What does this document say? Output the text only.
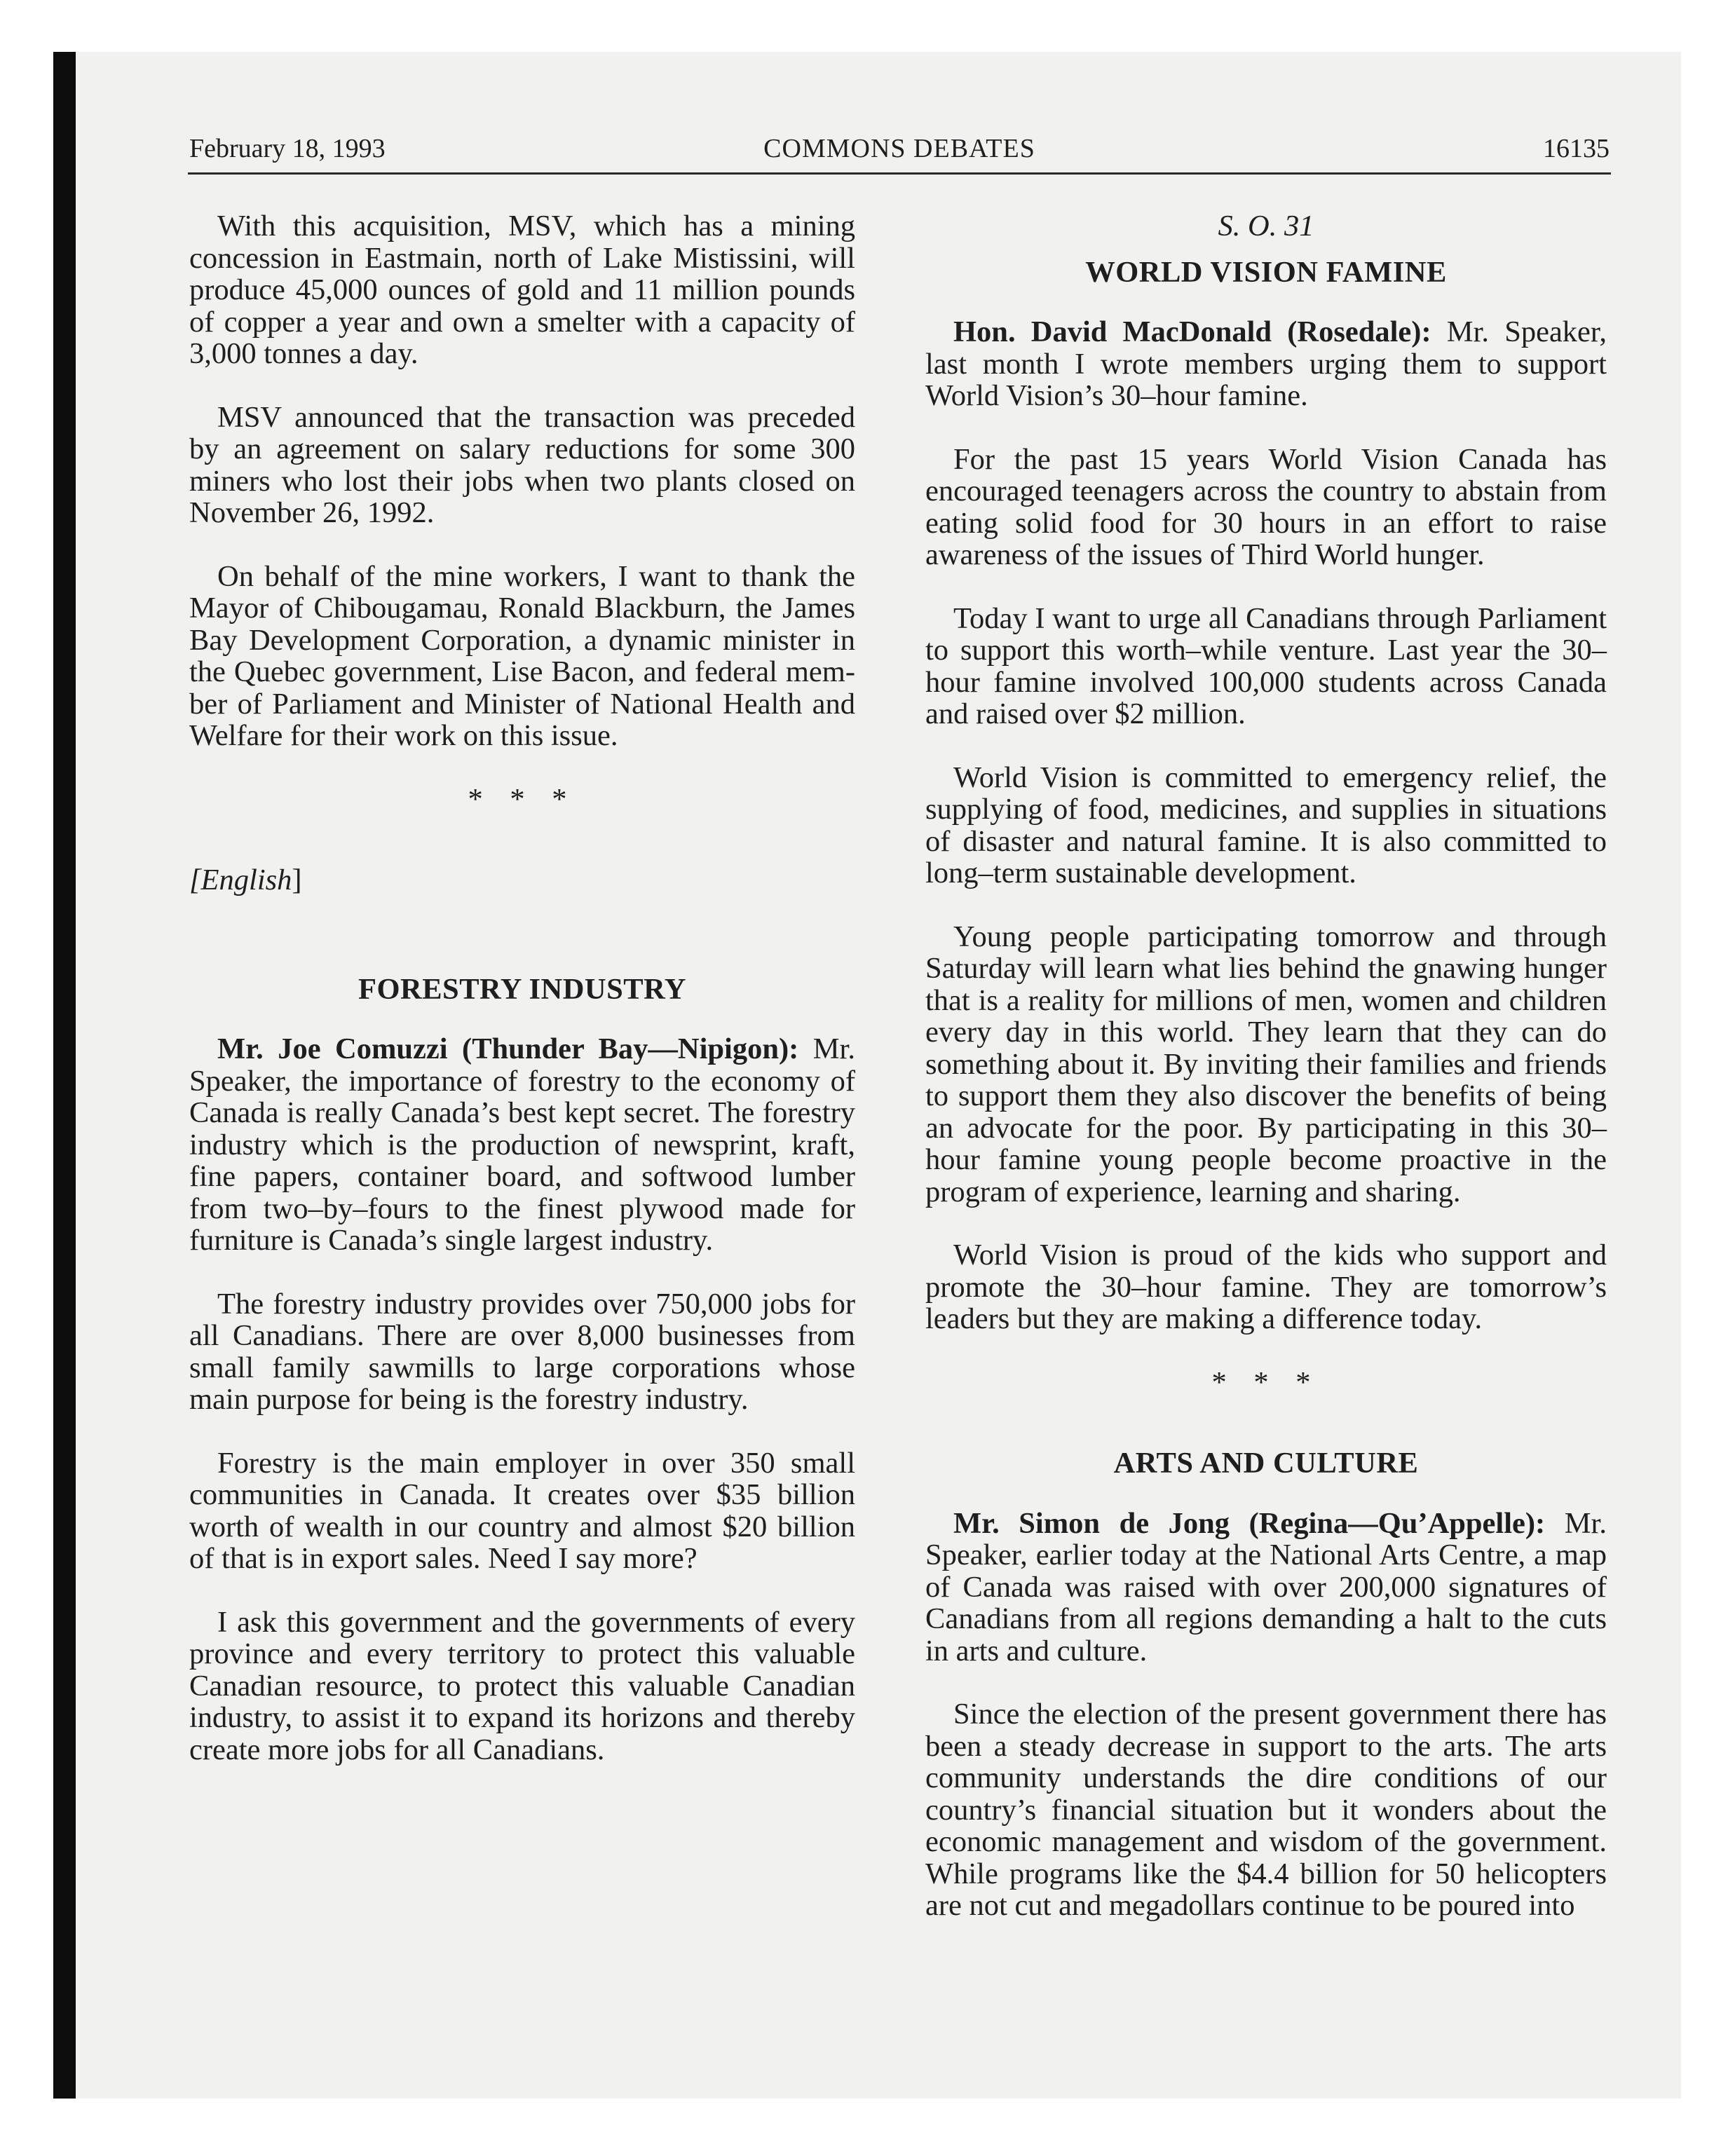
COMMONS DEBATES
February 18, 1993	16135

With this acquisition, MSV, which has a mining concession in Eastmain, north of Lake Mistissini, will produce 45,000 ounces of gold and 11 million pounds of copper a year and own a smelter with a capacity of 3,000 tonnes a day.

MSV announced that the transaction was preceded by an agreement on salary reductions for some 300 miners who lost their jobs when two plants closed on November 26, 1992.

On behalf of the mine workers, I want to thank the Mayor of Chibougamau, Ronald Blackburn, the James Bay Development Corporation, a dynamic minister in the Quebec government, Lise Bacon, and federal member of Parliament and Minister of National Health and Welfare for their work on this issue.

* * *

[English]

FORESTRY INDUSTRY

Mr. Joe Comuzzi (Thunder Bay—Nipigon): Mr. Speaker, the importance of forestry to the economy of Canada is really Canada’s best kept secret. The forestry industry which is the production of newsprint, kraft, fine papers, container board, and softwood lumber from two–by–fours to the finest plywood made for furniture is Canada’s single largest industry.

The forestry industry provides over 750,000 jobs for all Canadians. There are over 8,000 businesses from small family sawmills to large corporations whose main purpose for being is the forestry industry.

Forestry is the main employer in over 350 small communities in Canada. It creates over $35 billion worth of wealth in our country and almost $20 billion of that is in export sales. Need I say more?

I ask this government and the governments of every province and every territory to protect this valuable Canadian resource, to protect this valuable Canadian industry, to assist it to expand its horizons and thereby create more jobs for all Canadians.

S. O. 31

WORLD VISION FAMINE

Hon. David MacDonald (Rosedale): Mr. Speaker, last month I wrote members urging them to support World Vision’s 30–hour famine.

For the past 15 years World Vision Canada has encouraged teenagers across the country to abstain from eating solid food for 30 hours in an effort to raise awareness of the issues of Third World hunger.

Today I want to urge all Canadians through Parliament to support this worth–while venture. Last year the 30–hour famine involved 100,000 students across Canada and raised over $2 million.

World Vision is committed to emergency relief, the supplying of food, medicines, and supplies in situations of disaster and natural famine. It is also committed to long–term sustainable development.

Young people participating tomorrow and through Saturday will learn what lies behind the gnawing hunger that is a reality for millions of men, women and children every day in this world. They learn that they can do something about it. By inviting their families and friends to support them they also discover the benefits of being an advocate for the poor. By participating in this 30–hour famine young people become proactive in the program of experience, learning and sharing.

World Vision is proud of the kids who support and promote the 30–hour famine. They are tomorrow’s leaders but they are making a difference today.

* * *

ARTS AND CULTURE

Mr. Simon de Jong (Regina—Qu’Appelle): Mr. Speaker, earlier today at the National Arts Centre, a map of Canada was raised with over 200,000 signatures of Canadians from all regions demanding a halt to the cuts in arts and culture.

Since the election of the present government there has been a steady decrease in support to the arts. The arts community understands the dire conditions of our country’s financial situation but it wonders about the economic management and wisdom of the government. While programs like the $4.4 billion for 50 helicopters are not cut and megadollars continue to be poured into
